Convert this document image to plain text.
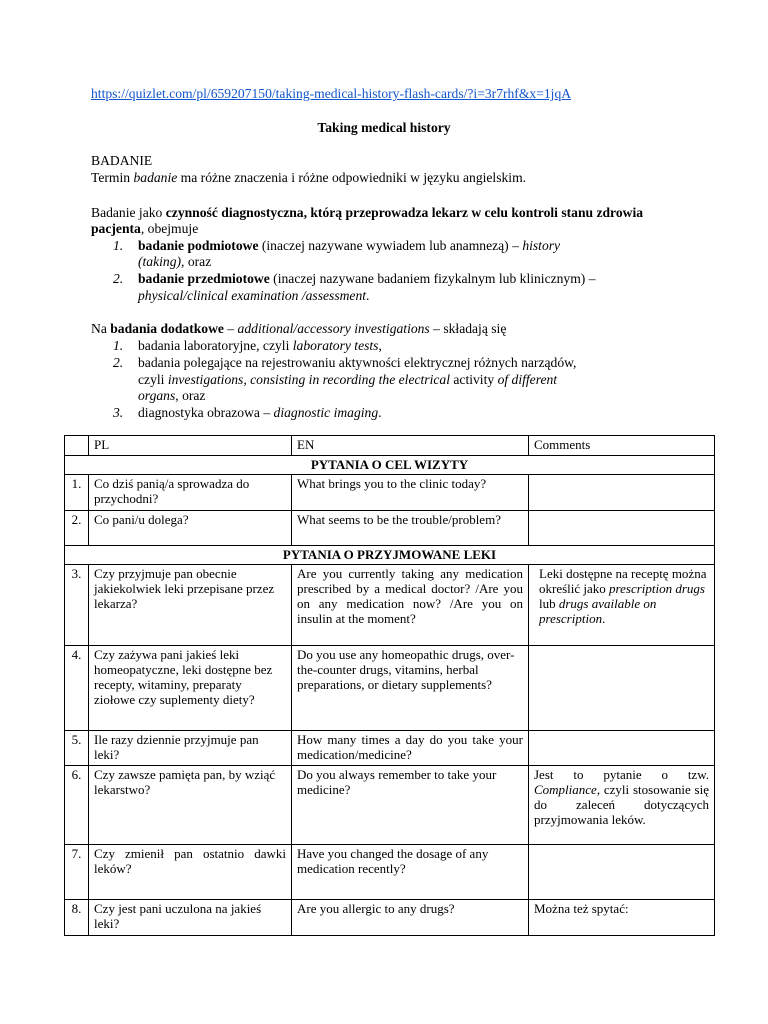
https://quizlet.com/pl/659207150/taking-medical-history-flash-cards/?i=3r7rhf&x=1jqA
Taking medical history
BADANIE
Termin badanie ma różne znaczenia i różne odpowiedniki w języku angielskim.
Badanie jako czynność diagnostyczna, którą przeprowadza lekarz w celu kontroli stanu zdrowia pacjenta, obejmuje
1. badanie podmiotowe (inaczej nazywane wywiadem lub anamnezą) – history
(taking), oraz
2. badanie przedmiotowe (inaczej nazywane badaniem fizykalnym lub klinicznym) –
physical/clinical examination /assessment.
Na badania dodatkowe – additional/accessory investigations – składają się
1. badania laboratoryjne, czyli laboratory tests,
2. badania polegające na rejestrowaniu aktywności elektrycznej różnych narządów,
czyli investigations, consisting in recording the electrical activity of different
organs, oraz
3. diagnostyka obrazowa – diagnostic imaging.
	PL	EN	Comments
PYTANIA O CEL WIZYTY			
1.	Co dziś panią/a sprowadza do przychodni?	What brings you to the clinic today?	
2.	Co pani/u dolega?	What seems to be the trouble/problem?	
PYTANIA O PRZYJMOWANE LEKI			
3.	Czy przyjmuje pan obecnie jakiekolwiek leki przepisane przez lekarza?	Are you currently taking any medication prescribed by a medical doctor? /Are you on any medication now? /Are you on insulin at the moment?	Leki dostępne na receptę można określić jako prescription drugs lub drugs available on prescription.
4.	Czy zażywa pani jakieś leki homeopatyczne, leki dostępne bez recepty, witaminy, preparaty ziołowe czy suplementy diety?	Do you use any homeopathic drugs, over-the-counter drugs, vitamins, herbal preparations, or dietary supplements?	
5.	Ile razy dziennie przyjmuje pan leki?	How many times a day do you take your medication/medicine?	
6.	Czy zawsze pamięta pan, by wziąć lekarstwo?	Do you always remember to take your medicine?	Jest to pytanie o tzw. Compliance, czyli stosowanie się do zaleceń dotyczących przyjmowania leków.
7.	Czy zmienił pan ostatnio dawki leków?	Have you changed the dosage of any medication recently?	
8.	Czy jest pani uczulona na jakieś leki?	Are you allergic to any drugs?	Można też spytać:
